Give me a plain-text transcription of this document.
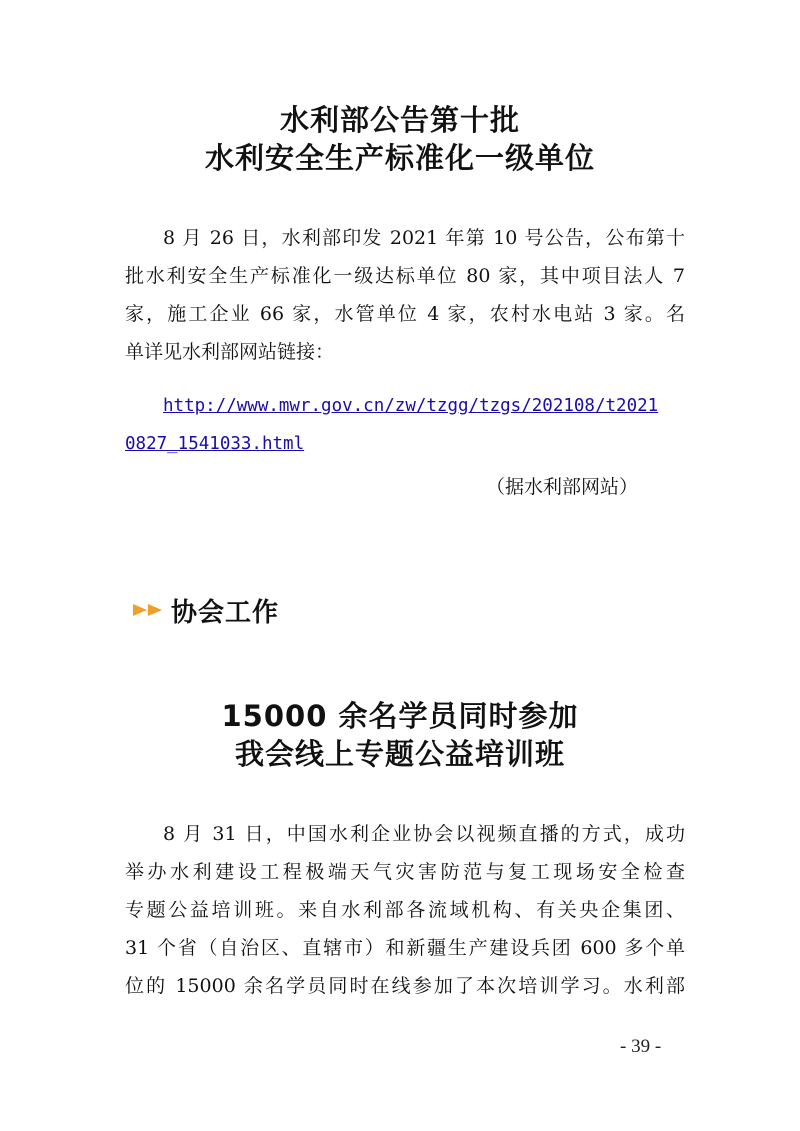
水利部公告第十批
水利安全生产标准化一级单位
8 月 26 日，水利部印发 2021 年第 10 号公告，公布第十
批水利安全生产标准化一级达标单位 80 家，其中项目法人 7
家，施工企业 66 家，水管单位 4 家，农村水电站 3 家。名
单详见水利部网站链接：
http://www.mwr.gov.cn/zw/tzgg/tzgs/202108/t2021
0827_1541033.html

（据水利部网站）

协会工作
15000 余名学员同时参加
我会线上专题公益培训班
8 月 31 日，中国水利企业协会以视频直播的方式，成功
举办水利建设工程极端天气灾害防范与复工现场安全检查
专题公益培训班。来自水利部各流域机构、有关央企集团、
31 个省（自治区、直辖市）和新疆生产建设兵团 600 多个单
位的 15000 余名学员同时在线参加了本次培训学习。水利部
- 39 -
